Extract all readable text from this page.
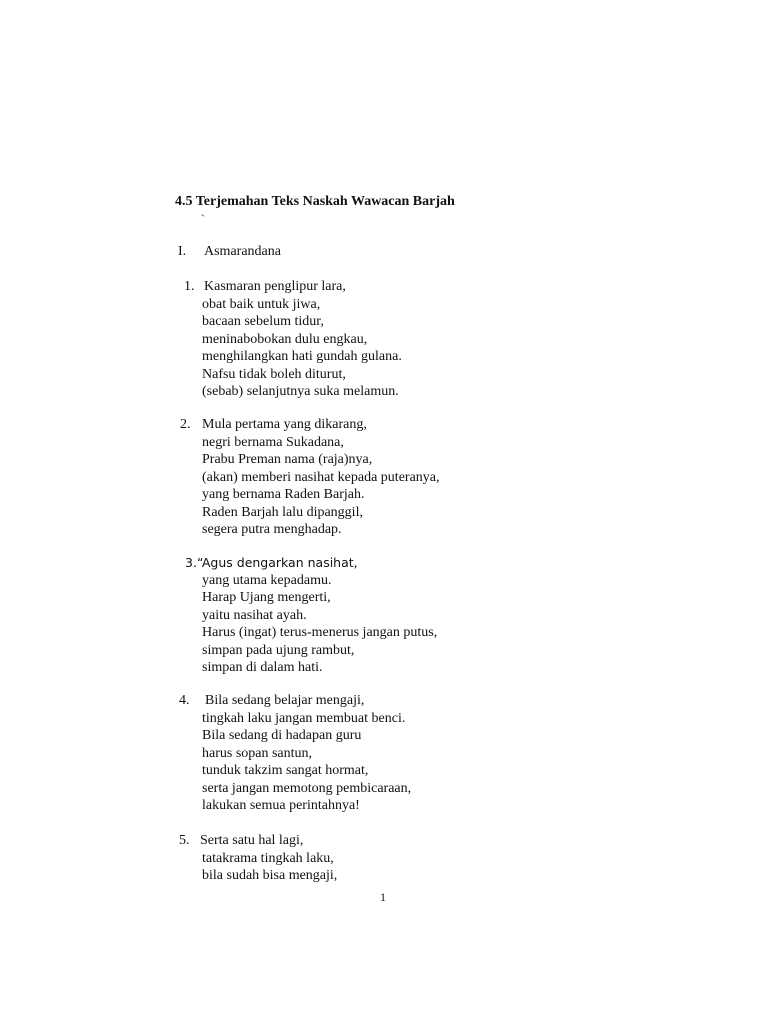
4.5 Terjemahan Teks Naskah Wawacan Barjah
`
I. Asmarandana
1. Kasmaran penglipur lara,
obat baik untuk jiwa,
bacaan sebelum tidur,
meninabobokan dulu engkau,
menghilangkan hati gundah gulana.
Nafsu tidak boleh diturut,
(sebab) selanjutnya suka melamun.
2. Mula pertama yang dikarang,
negri bernama Sukadana,
Prabu Preman nama (raja)nya,
(akan) memberi nasihat kepada puteranya,
yang bernama Raden Barjah.
Raden Barjah lalu dipanggil,
segera putra menghadap.
3.“Agus dengarkan nasihat,
yang utama kepadamu.
Harap Ujang mengerti,
yaitu nasihat ayah.
Harus (ingat) terus-menerus jangan putus,
simpan pada ujung rambut,
simpan di dalam hati.
4. Bila sedang belajar mengaji,
tingkah laku jangan membuat benci.
Bila sedang di hadapan guru
harus sopan santun,
tunduk takzim sangat hormat,
serta jangan memotong pembicaraan,
lakukan semua perintahnya!
5. Serta satu hal lagi,
tatakrama tingkah laku,
bila sudah bisa mengaji,
1
